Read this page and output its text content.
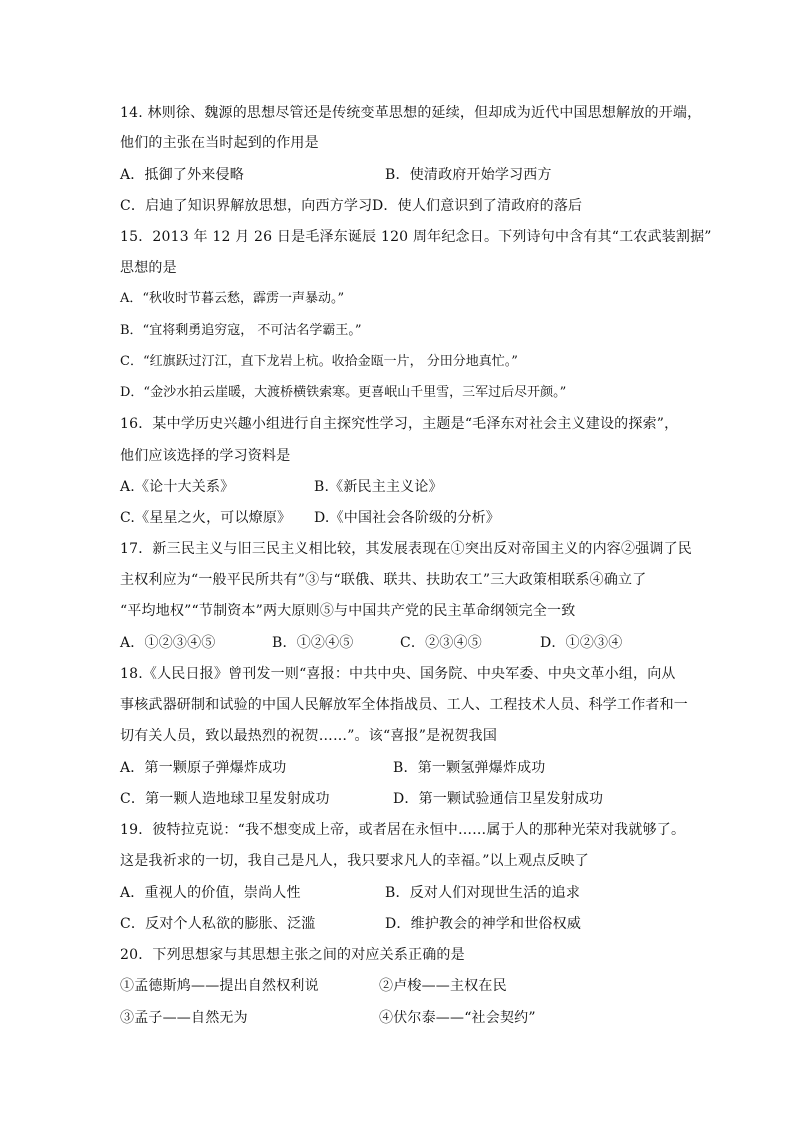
14. 林则徐、魏源的思想尽管还是传统变革思想的延续，但却成为近代中国思想解放的开端，
他们的主张在当时起到的作用是
A．抵御了外来侵略	B．使清政府开始学习西方
C．启迪了知识界解放思想，向西方学习 D．使人们意识到了清政府的落后
15．2013 年 12 月 26 日是毛泽东诞辰 120 周年纪念日。下列诗句中含有其“工农武装割据”
思想的是
A．“秋收时节暮云愁，霹雳一声暴动。”
B．“宜将剩勇追穷寇， 不可沽名学霸王。”
C．“红旗跃过汀江，直下龙岩上杭。收拾金瓯一片， 分田分地真忙。”
D．“金沙水拍云崖暖，大渡桥横铁索寒。更喜岷山千里雪，三军过后尽开颜。”
16．某中学历史兴趣小组进行自主探究性学习，主题是“毛泽东对社会主义建设的探索”，
他们应该选择的学习资料是
A.《论十大关系》	B.《新民主主义论》
C.《星星之火，可以燎原》 D.《中国社会各阶级的分析》
17．新三民主义与旧三民主义相比较，其发展表现在①突出反对帝国主义的内容②强调了民
主权利应为“一般平民所共有”③与“联俄、联共、扶助农工”三大政策相联系④确立了
“平均地权”“节制资本”两大原则⑤与中国共产党的民主革命纲领完全一致
A．①②③④⑤	B．①②④⑤	C．②③④⑤	D．①②③④
18.《人民日报》曾刊发一则“喜报：中共中央、国务院、中央军委、中央文革小组，向从
事核武器研制和试验的中国人民解放军全体指战员、工人、工程技术人员、科学工作者和一
切有关人员，致以最热烈的祝贺……”。该“喜报”是祝贺我国
A．第一颗原子弹爆炸成功	B．第一颗氢弹爆炸成功
C．第一颗人造地球卫星发射成功	D．第一颗试验通信卫星发射成功
19．彼特拉克说：“我不想变成上帝，或者居在永恒中……属于人的那种光荣对我就够了。
这是我祈求的一切，我自己是凡人，我只要求凡人的幸福。”以上观点反映了
A．重视人的价值，崇尚人性	B．反对人们对现世生活的追求
C．反对个人私欲的膨胀、泛滥	D．维护教会的神学和世俗权威
20．下列思想家与其思想主张之间的对应关系正确的是
①孟德斯鸠——提出自然权利说	②卢梭——主权在民
③孟子——自然无为	④伏尔泰——“社会契约”
